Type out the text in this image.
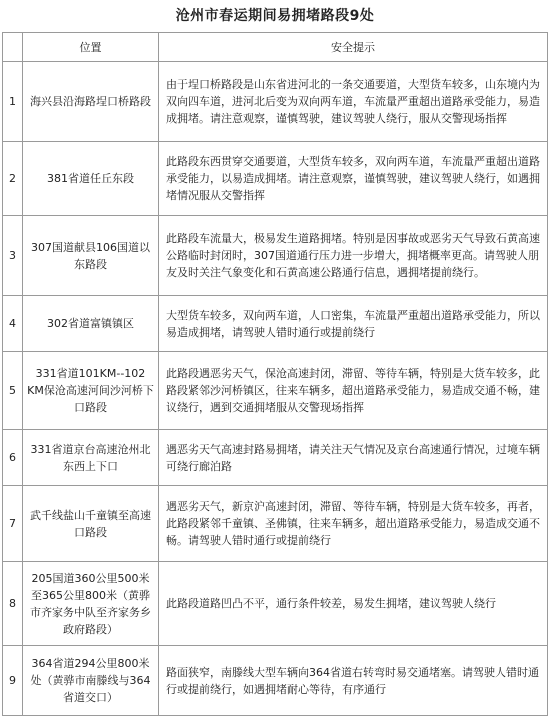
沧州市春运期间易拥堵路段9处
	位置	安全提示
1	海兴县沿海路埕口桥路段	由于埕口桥路段是山东省进河北的一条交通要道，大型货车较多，山东境内为双向四车道，进河北后变为双向两车道，车流量严重超出道路承受能力，易造成拥堵。请注意观察，谨慎驾驶，建议驾驶人绕行，服从交警现场指挥
2	381省道任丘东段	此路段东西贯穿交通要道，大型货车较多，双向两车道，车流量严重超出道路承受能力，以易造成拥堵。请注意观察，谨慎驾驶，建议驾驶人绕行，如遇拥堵情况服从交警指挥
3	307国道献县106国道以东路段	此路段车流量大，极易发生道路拥堵。特别是因事故或恶劣天气导致石黄高速公路临时封闭时，307国道通行压力进一步增大，拥堵概率更高。请驾驶人朋友及时关注气象变化和石黄高速公路通行信息，遇拥堵提前绕行。
4	302省道富镇镇区	大型货车较多，双向两车道，人口密集，车流量严重超出道路承受能力，所以易造成拥堵，请驾驶人错时通行或提前绕行
5	331省道101KM--102 KM保沧高速河间沙河桥下口路段	此路段遇恶劣天气，保沧高速封闭，滞留、等待车辆，特别是大货车较多，此路段紧邻沙河桥镇区，往来车辆多，超出道路承受能力，易造成交通不畅，建议绕行，遇到交通拥堵服从交警现场指挥
6	331省道京台高速沧州北东西上下口	遇恶劣天气高速封路易拥堵，请关注天气情况及京台高速通行情况，过境车辆可绕行廊泊路
7	武千线盐山千童镇至高速口路段	遇恶劣天气，新京沪高速封闭，滞留、等待车辆，特别是大货车较多，再者，此路段紧邻千童镇、圣佛镇，往来车辆多，超出道路承受能力，易造成交通不畅。请驾驶人错时通行或提前绕行
8	205国道360公里500米至365公里800米（黄骅市齐家务中队至齐家务乡政府路段）	此路段道路凹凸不平，通行条件较差，易发生拥堵，建议驾驶人绕行
9	364省道294公里800米处（黄骅市南滕线与364省道交口）	路面狭窄，南滕线大型车辆向364省道右转弯时易交通堵塞。请驾驶人错时通行或提前绕行，如遇拥堵耐心等待，有序通行
